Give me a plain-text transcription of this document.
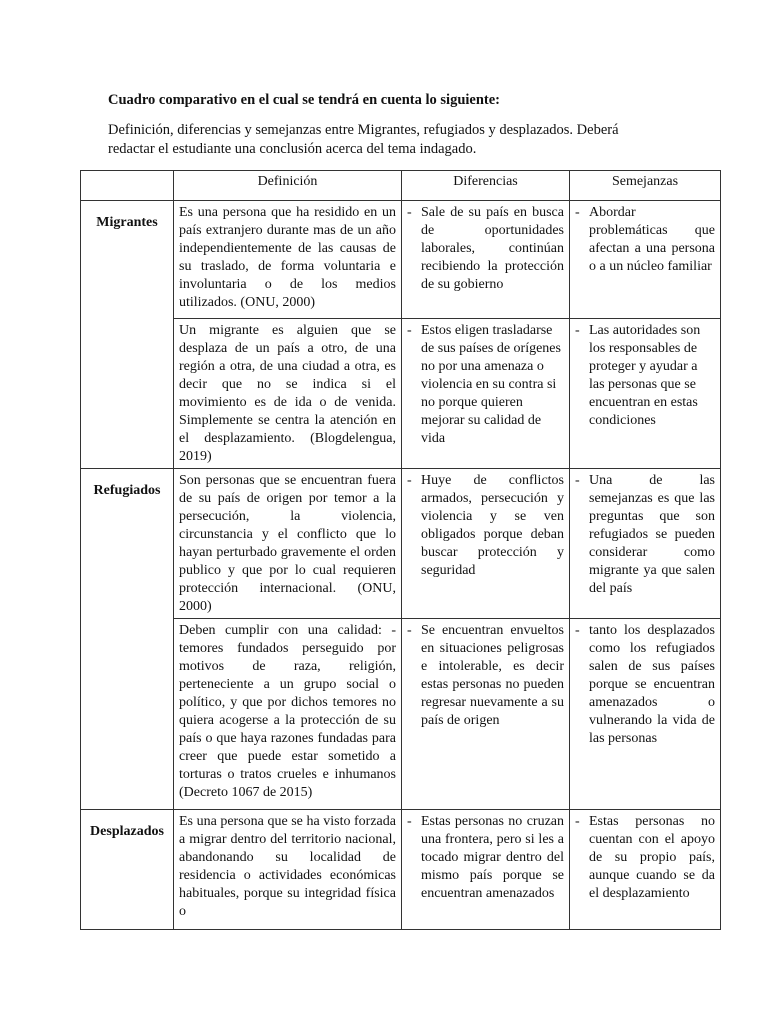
Cuadro comparativo en el cual se tendrá en cuenta lo siguiente:
Definición, diferencias y semejanzas entre Migrantes, refugiados y desplazados. Deberá redactar el estudiante una conclusión acerca del tema indagado.
	Definición	Diferencias	Semejanzas
Migrantes	Es una persona que ha residido en un país extranjero durante mas de un año independientemente de las causas de su traslado, de forma voluntaria e involuntaria o de los medios utilizados. (ONU, 2000)	- Sale de su país en busca de oportunidades laborales, continúan recibiendo la protección de su gobierno	- Abordar problemáticas que afectan a una persona o a un núcleo familiar

	Un migrante es alguien que se desplaza de un país a otro, de una región a otra, de una ciudad a otra, es decir que no se indica si el movimiento es de ida o de venida. Simplemente se centra la atención en el desplazamiento. (Blogdelengua, 2019)	- Estos eligen trasladarse de sus países de orígenes no por una amenaza o violencia en su contra si no porque quieren mejorar su calidad de vida	- Las autoridades son los responsables de proteger y ayudar a las personas que se encuentran en estas condiciones

Refugiados	Son personas que se encuentran fuera de su país de origen por temor a la persecución, la violencia, circunstancia y el conflicto que lo hayan perturbado gravemente el orden publico y que por lo cual requieren protección internacional. (ONU, 2000)	- Huye de conflictos armados, persecución y violencia y se ven obligados porque deban buscar protección y seguridad	- Una de las semejanzas es que las preguntas que son refugiados se pueden considerar como migrante ya que salen del país

	Deben cumplir con una calidad: -temores fundados perseguido por motivos de raza, religión, perteneciente a un grupo social o político, y que por dichos temores no quiera acogerse a la protección de su país o que haya razones fundadas para creer que puede estar sometido a torturas o tratos crueles e inhumanos (Decreto 1067 de 2015)	- Se encuentran envueltos en situaciones peligrosas e intolerable, es decir estas personas no pueden regresar nuevamente a su país de origen	- tanto los desplazados como los refugiados salen de sus países porque se encuentran amenazados o vulnerando la vida de las personas

Desplazados	Es una persona que se ha visto forzada a migrar dentro del territorio nacional, abandonando su localidad de residencia o actividades económicas habituales, porque su integridad física o	- Estas personas no cruzan una frontera, pero si les a tocado migrar dentro del mismo país porque se encuentran amenazados	- Estas personas no cuentan con el apoyo de su propio país, aunque cuando se da el desplazamiento
